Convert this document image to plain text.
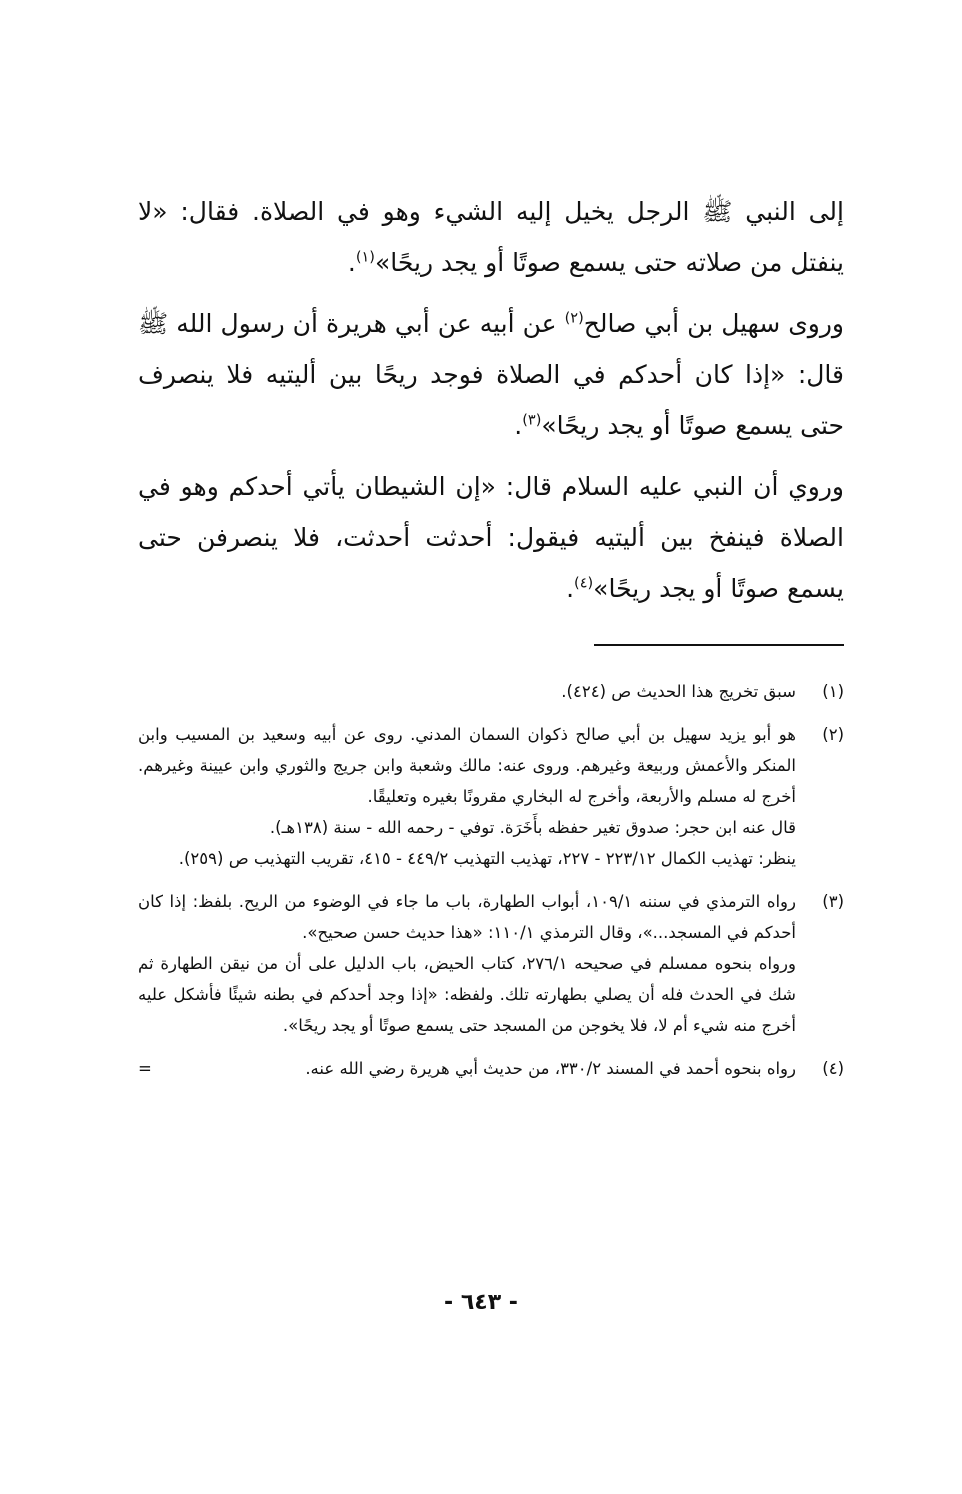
إلى النبي ﷺ الرجل يخيل إليه الشيء وهو في الصلاة. فقال: «لا ينفتل من صلاته حتى يسمع صوتًا أو يجد ريحًا»$^{(١)}$.

وروى سهيل بن أبي صالح$^{(٢)}$ عن أبيه عن أبي هريرة أن رسول الله ﷺ قال: «إذا كان أحدكم في الصلاة فوجد ريحًا بين أليتيه فلا ينصرف حتى يسمع صوتًا أو يجد ريحًا»$^{(٣)}$.

وروي أن النبي عليه السلام قال: «إن الشيطان يأتي أحدكم وهو في الصلاة فينفخ بين أليتيه فيقول: أحدثت أحدثت، فلا ينصرفن حتى يسمع صوتًا أو يجد ريحًا»$^{(٤)}$.

(١)

سبق تخريج هذا الحديث ص (٤٢٤).

(٢)

هو أبو يزيد سهيل بن أبي صالح ذكوان السمان المدني. روى عن أبيه وسعيد بن المسيب وابن المنكر والأعمش وربيعة وغيرهم. وروى عنه: مالك وشعبة وابن جريج والثوري وابن عيينة وغيرهم. أخرج له مسلم والأربعة، وأخرج له البخاري مقرونًا بغيره وتعليقًا.

قال عنه ابن حجر: صدوق تغير حفظه بأَخَرَة. توفي - رحمه الله - سنة (١٣٨هـ).

ينظر: تهذيب الكمال ٢٢٣/١٢ - ٢٢٧، تهذيب التهذيب ٤٤٩/٢ - ٤١٥، تقريب التهذيب ص (٢٥٩).

(٣)

رواه الترمذي في سننه ١٠٩/١، أبواب الطهارة، باب ما جاء في الوضوء من الريح. بلفظ: إذا كان أحدكم في المسجد...»، وقال الترمذي ١١٠/١: «هذا حديث حسن صحيح».

ورواه بنحوه ممسلم في صحيحه ٢٧٦/١، كتاب الحيض، باب الدليل على أن من نيقن الطهارة ثم شك في الحدث فله أن يصلي بطهارته تلك. ولفظه: «إذا وجد أحدكم في بطنه شيئًا فأشكل عليه أخرج منه شيء أم لا، فلا يخوجن من المسجد حتى يسمع صوتًا أو يجد ريحًا».

(٤)
رواه بنحوه أحمد في المسند ٣٣٠/٢، من حديث أبي هريرة رضي الله عنه.
=
- ٦٤٣ -
